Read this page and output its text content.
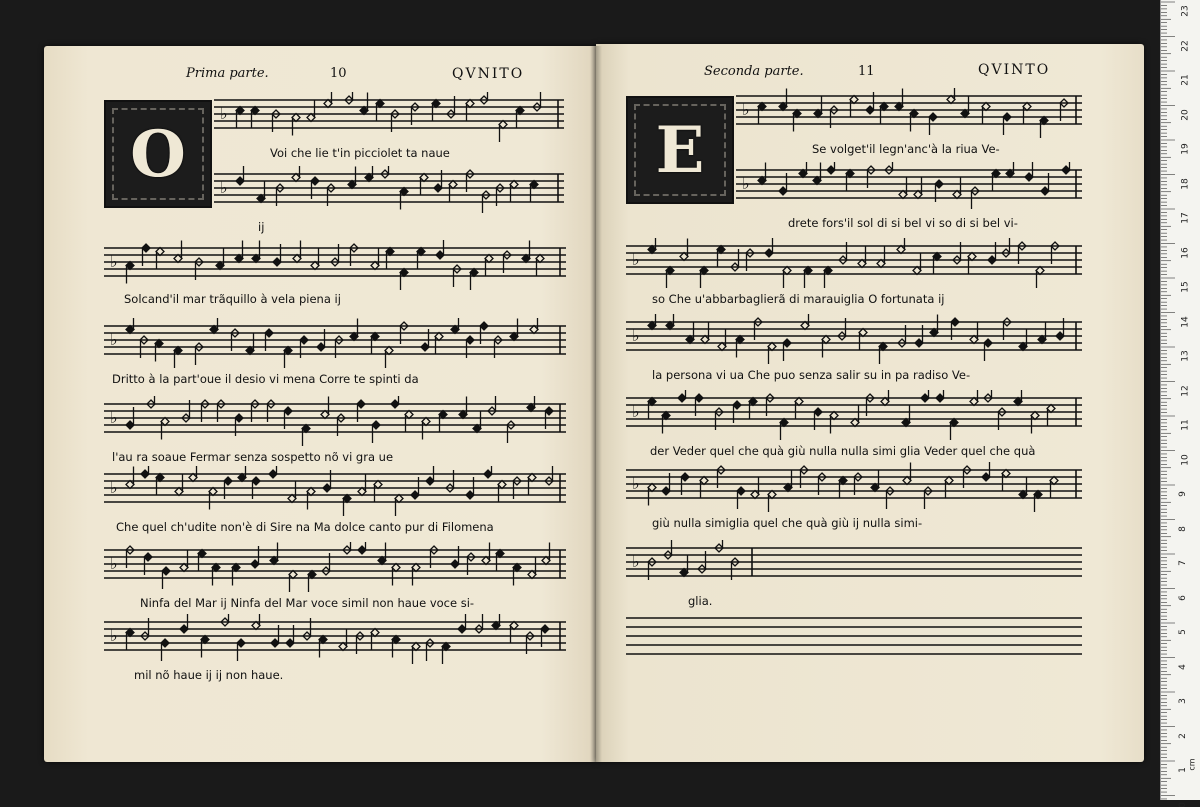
Prima parte.	10	QVNITO
O
♭
Voi che lie t'in picciolet ta naue
♭
ij
♭
Solcand'il mar trãquillo à vela piena ij
♭
Dritto à la part'oue il desio vi mena Corre te spinti da
♭
l'au ra soaue Fermar senza sospetto nõ vi gra ue
♭
Che quel ch'udite non'è di Sire na Ma dolce canto pur di Filomena
♭
Ninfa del Mar ij Ninfa del Mar voce simil non haue voce si-
♭
mil nõ haue ij ij non haue.
Seconda parte.	11	QVINTO
E
♭
Se volget'il legn'anc'à la riua Ve-
♭
drete fors'il sol di si bel vi so di si bel vi-
♭
so Che u'abbarbaglierã di marauiglia O fortunata ij
♭
la persona vi ua Che puo senza salir su in pa radiso Ve-
♭
der Veder quel che quà giù nulla nulla simi glia Veder quel che quà
♭
giù nulla simiglia quel che quà giù ij nulla simi-
♭
glia.
23
22
21
20
19
18
17
16
15
14
13
12
11
10
9
8
7
6
5
4
3
2
1
0
cm
